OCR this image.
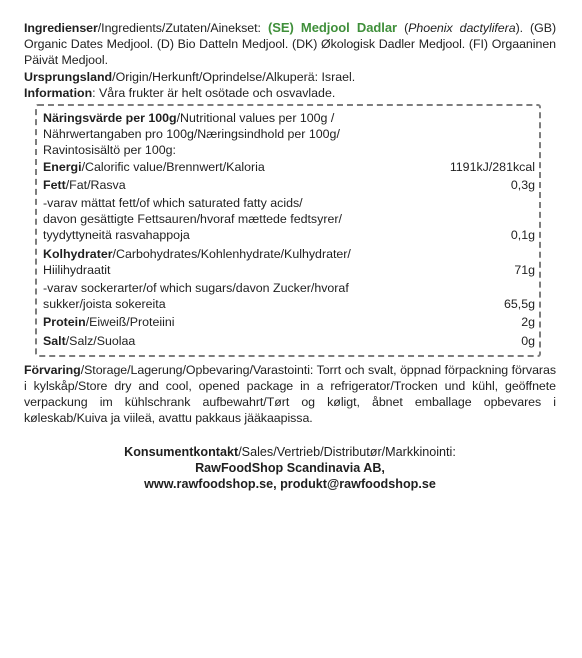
Ingredienser/Ingredients/Zutaten/Ainekset: (SE) Medjool Dadlar (Phoenix dactylifera). (GB) Organic Dates Medjool. (D) Bio Datteln Medjool. (DK) Økologisk Dadler Medjool. (FI) Orgaaninen Päivät Medjool.

Ursprungsland/Origin/Herkunft/Oprindelse/Alkuperä: Israel.

Information: Våra frukter är helt osötade och osvavlade.

Näringsvärde per 100g/Nutritional values per 100g /

Nährwertangaben pro 100g/Næringsindhold per 100g/

Ravintosisältö per 100g:

Energi/Calorific value/Brennwert/Kaloria	1191kJ/281kcal
Fett/Fat/Rasva	0,3g
-varav mättat fett/of which saturated fatty acids/
davon gesättigte Fettsauren/hvoraf mættede fedtsyrer/
tyydyttyneitä rasvahappoja	0,1g
Kolhydrater/Carbohydrates/Kohlenhydrate/Kulhydrater/
Hiilihydraatit	71g
-varav sockerarter/of which sugars/davon Zucker/hvoraf
sukker/joista sokereita	65,5g
Protein/Eiweiß/Proteiini	2g
Salt/Salz/Suolaa	0g

Förvaring/Storage/Lagerung/Opbevaring/Varastointi: Torrt och svalt, öppnad förpackning förvaras i kylskåp/Store dry and cool, opened package in a refrigerator/Trocken und kühl, geöffnete verpackung im kühlschrank aufbewahrt/Tørt og køligt, åbnet emballage opbevares i køleskab/Kuiva ja viileä, avattu pakkaus jääkaapissa.

Konsumentkontakt/Sales/Vertrieb/Distributør/Markkinointi:
RawFoodShop Scandinavia AB,
www.rawfoodshop.se, produkt@rawfoodshop.se
